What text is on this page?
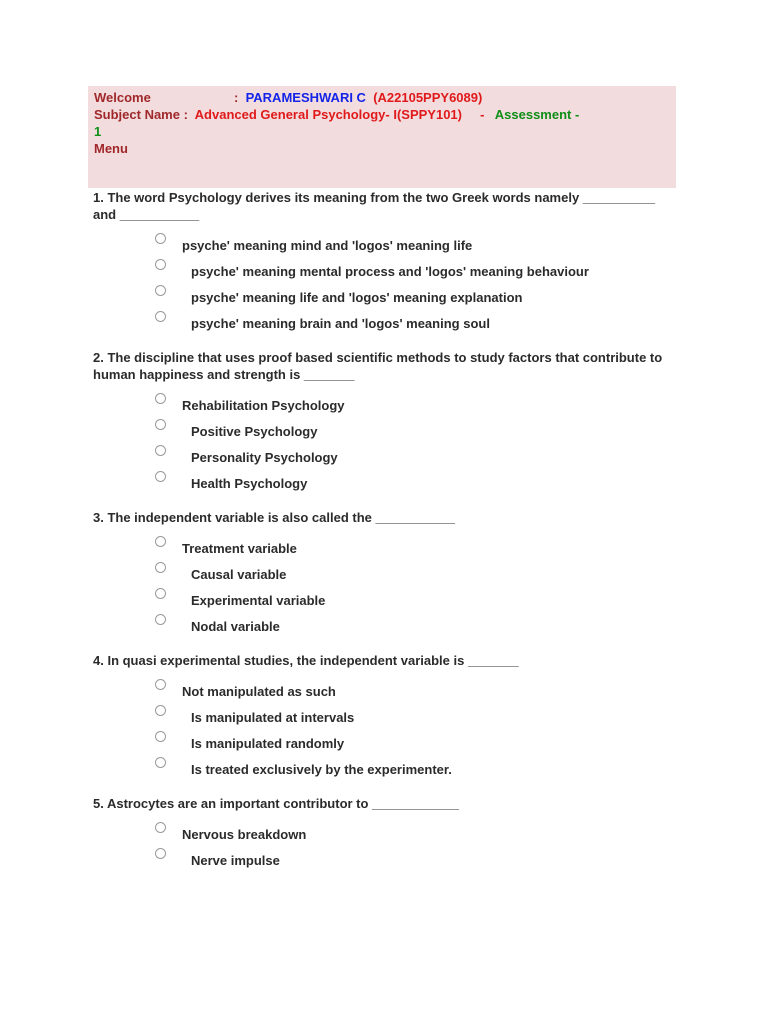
Welcome	: PARAMESHWARI C (A22105PPY6089)
Subject Name : Advanced General Psychology- I(SPPY101) - Assessment -
1
Menu
1. The word Psychology derives its meaning from the two Greek words namely __________ and ___________
psyche' meaning mind and 'logos' meaning life
psyche' meaning mental process and 'logos' meaning behaviour
psyche' meaning life and 'logos' meaning explanation
psyche' meaning brain and 'logos' meaning soul
2. The discipline that uses proof based scientific methods to study factors that contribute to human happiness and strength is _______
Rehabilitation Psychology
Positive Psychology
Personality Psychology
Health Psychology
3. The independent variable is also called the ___________
Treatment variable
Causal variable
Experimental variable
Nodal variable
4. In quasi experimental studies, the independent variable is _______
Not manipulated as such
Is manipulated at intervals
Is manipulated randomly
Is treated exclusively by the experimenter.
5. Astrocytes are an important contributor to ____________
Nervous breakdown
Nerve impulse
